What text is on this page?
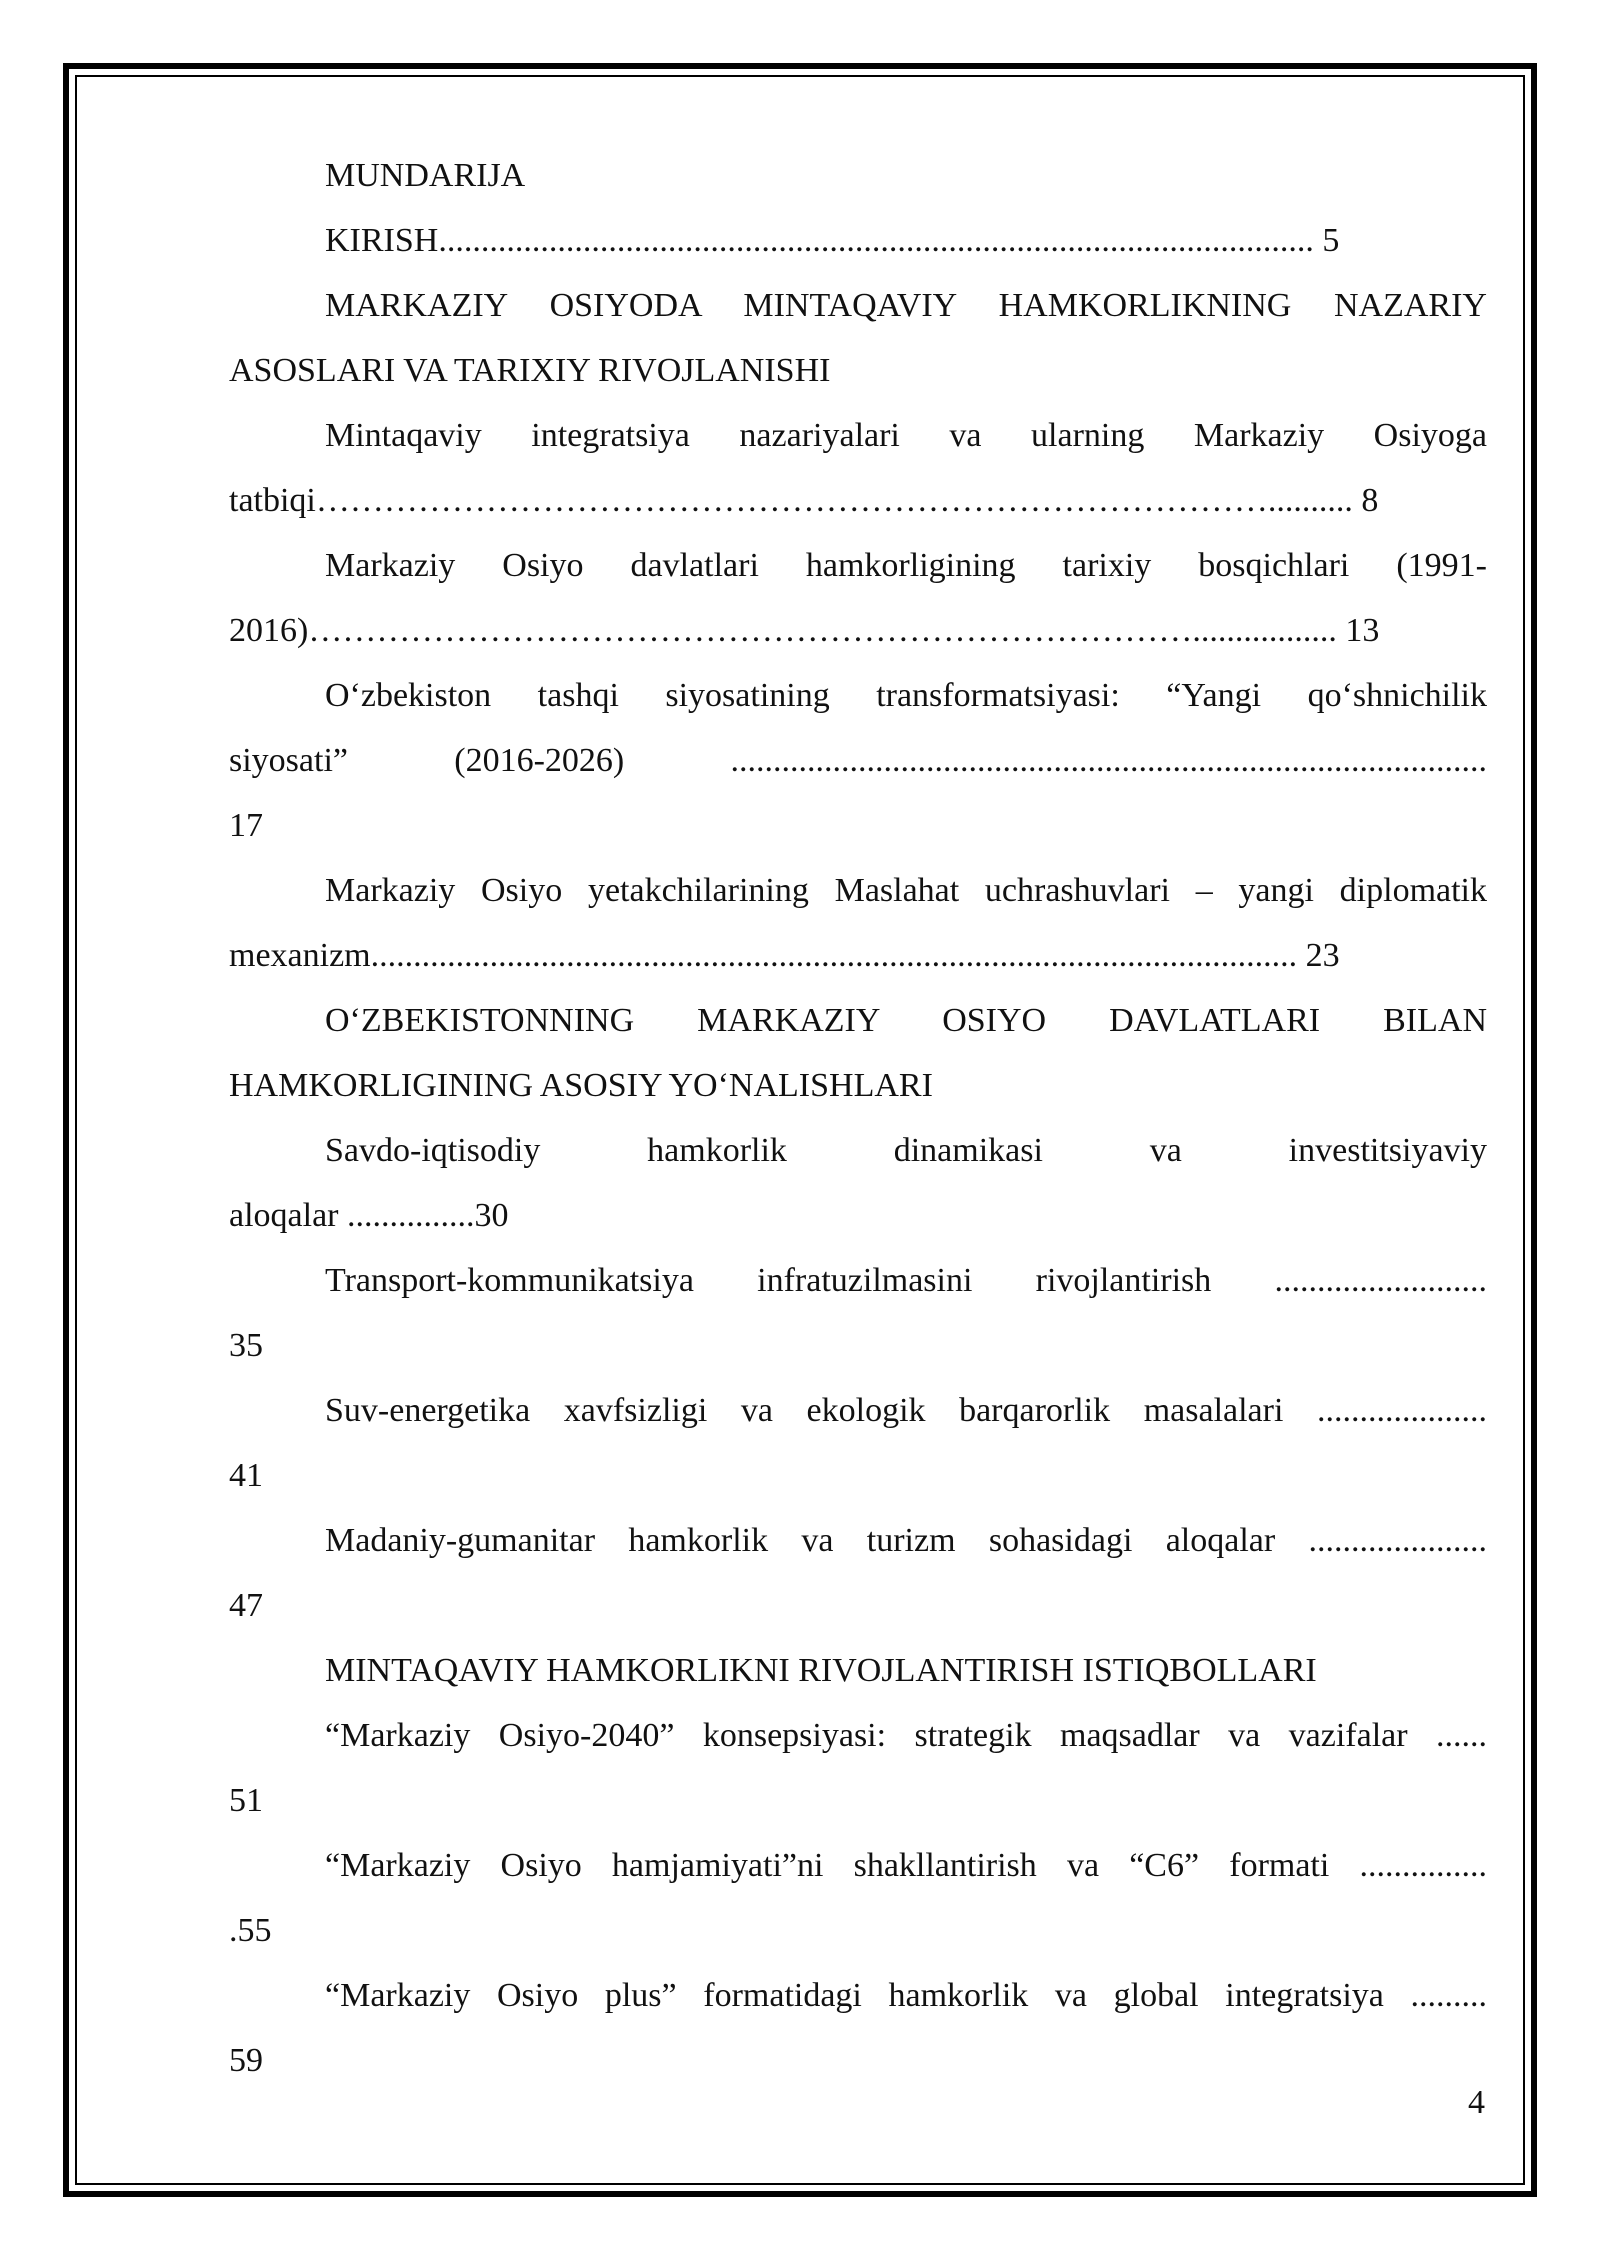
MUNDARIJA
KIRISH....................................................................................................... 5
MARKAZIY OSIYODA MINTAQAVIY HAMKORLIKNING NAZARIY
ASOSLARI VA TARIXIY RIVOJLANISHI
Mintaqaviy integratsiya nazariyalari va ularning Markaziy Osiyoga
tatbiqi………………………………………………………………………….......... 8
Markaziy Osiyo davlatlari hamkorligining tarixiy bosqichlari (1991-
2016)……………………………………………………………………................. 13
O‘zbekiston tashqi siyosatining transformatsiyasi: “Yangi qo‘shnichilik
siyosati” (2016-2026) .........................................................................................
17
Markaziy Osiyo yetakchilarining Maslahat uchrashuvlari – yangi diplomatik
mexanizm............................................................................................................. 23
O‘ZBEKISTONNING MARKAZIY OSIYO DAVLATLARI BILAN
HAMKORLIGINING ASOSIY YO‘NALISHLARI
Savdo-iqtisodiy hamkorlik dinamikasi va investitsiyaviy
aloqalar ...............30
Transport-kommunikatsiya infratuzilmasini rivojlantirish .........................
35
Suv-energetika xavfsizligi va ekologik barqarorlik masalalari ....................
41
Madaniy-gumanitar hamkorlik va turizm sohasidagi aloqalar .....................
47
MINTAQAVIY HAMKORLIKNI RIVOJLANTIRISH ISTIQBOLLARI
“Markaziy Osiyo-2040” konsepsiyasi: strategik maqsadlar va vazifalar ......
51
“Markaziy Osiyo hamjamiyati”ni shakllantirish va “C6” formati ...............
.55
“Markaziy Osiyo plus” formatidagi hamkorlik va global integratsiya .........
59
4
